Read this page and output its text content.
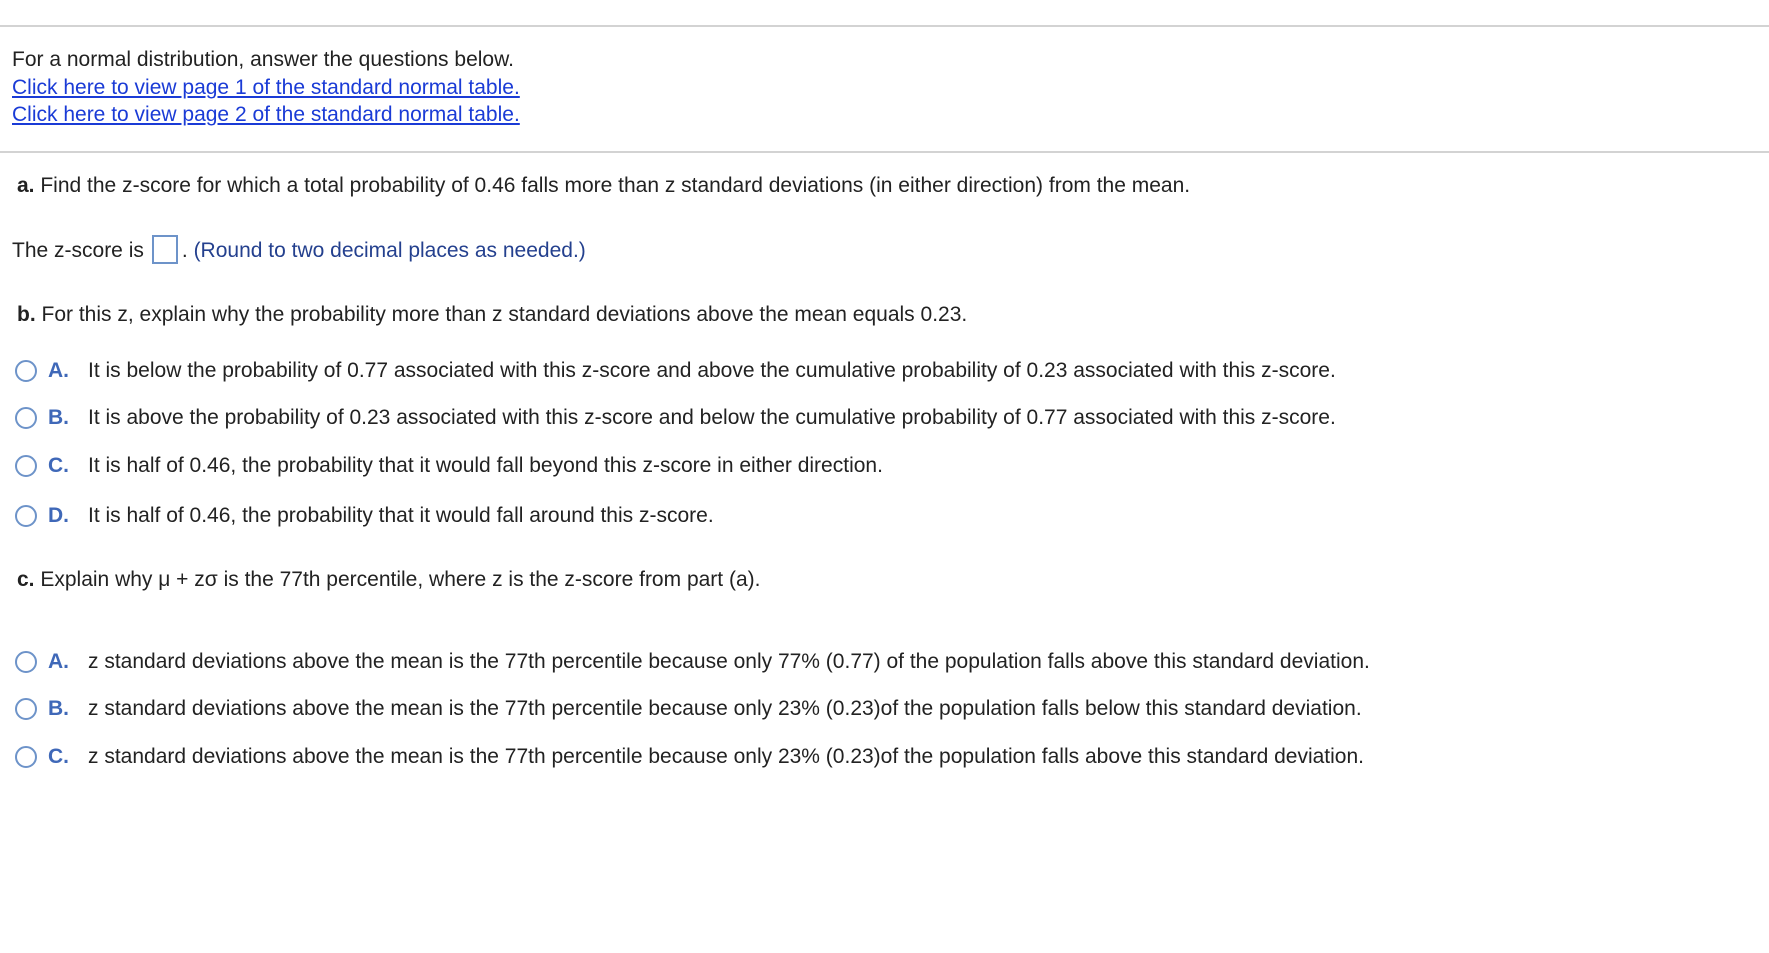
For a normal distribution, answer the questions below.
Click here to view page 1 of the standard normal table.
Click here to view page 2 of the standard normal table.
a. Find the z-score for which a total probability of 0.46 falls more than z standard deviations (in either direction) from the mean.
The z-score is . (Round to two decimal places as needed.)
b. For this z, explain why the probability more than z standard deviations above the mean equals 0.23.
A. It is below the probability of 0.77 associated with this z-score and above the cumulative probability of 0.23 associated with this z-score.
B. It is above the probability of 0.23 associated with this z-score and below the cumulative probability of 0.77 associated with this z-score.
C. It is half of 0.46, the probability that it would fall beyond this z-score in either direction.
D. It is half of 0.46, the probability that it would fall around this z-score.
c. Explain why μ + zσ is the 77th percentile, where z is the z-score from part (a).
A. z standard deviations above the mean is the 77th percentile because only 77% (0.77) of the population falls above this standard deviation.
B. z standard deviations above the mean is the 77th percentile because only 23% (0.23)of the population falls below this standard deviation.
C. z standard deviations above the mean is the 77th percentile because only 23% (0.23)of the population falls above this standard deviation.
